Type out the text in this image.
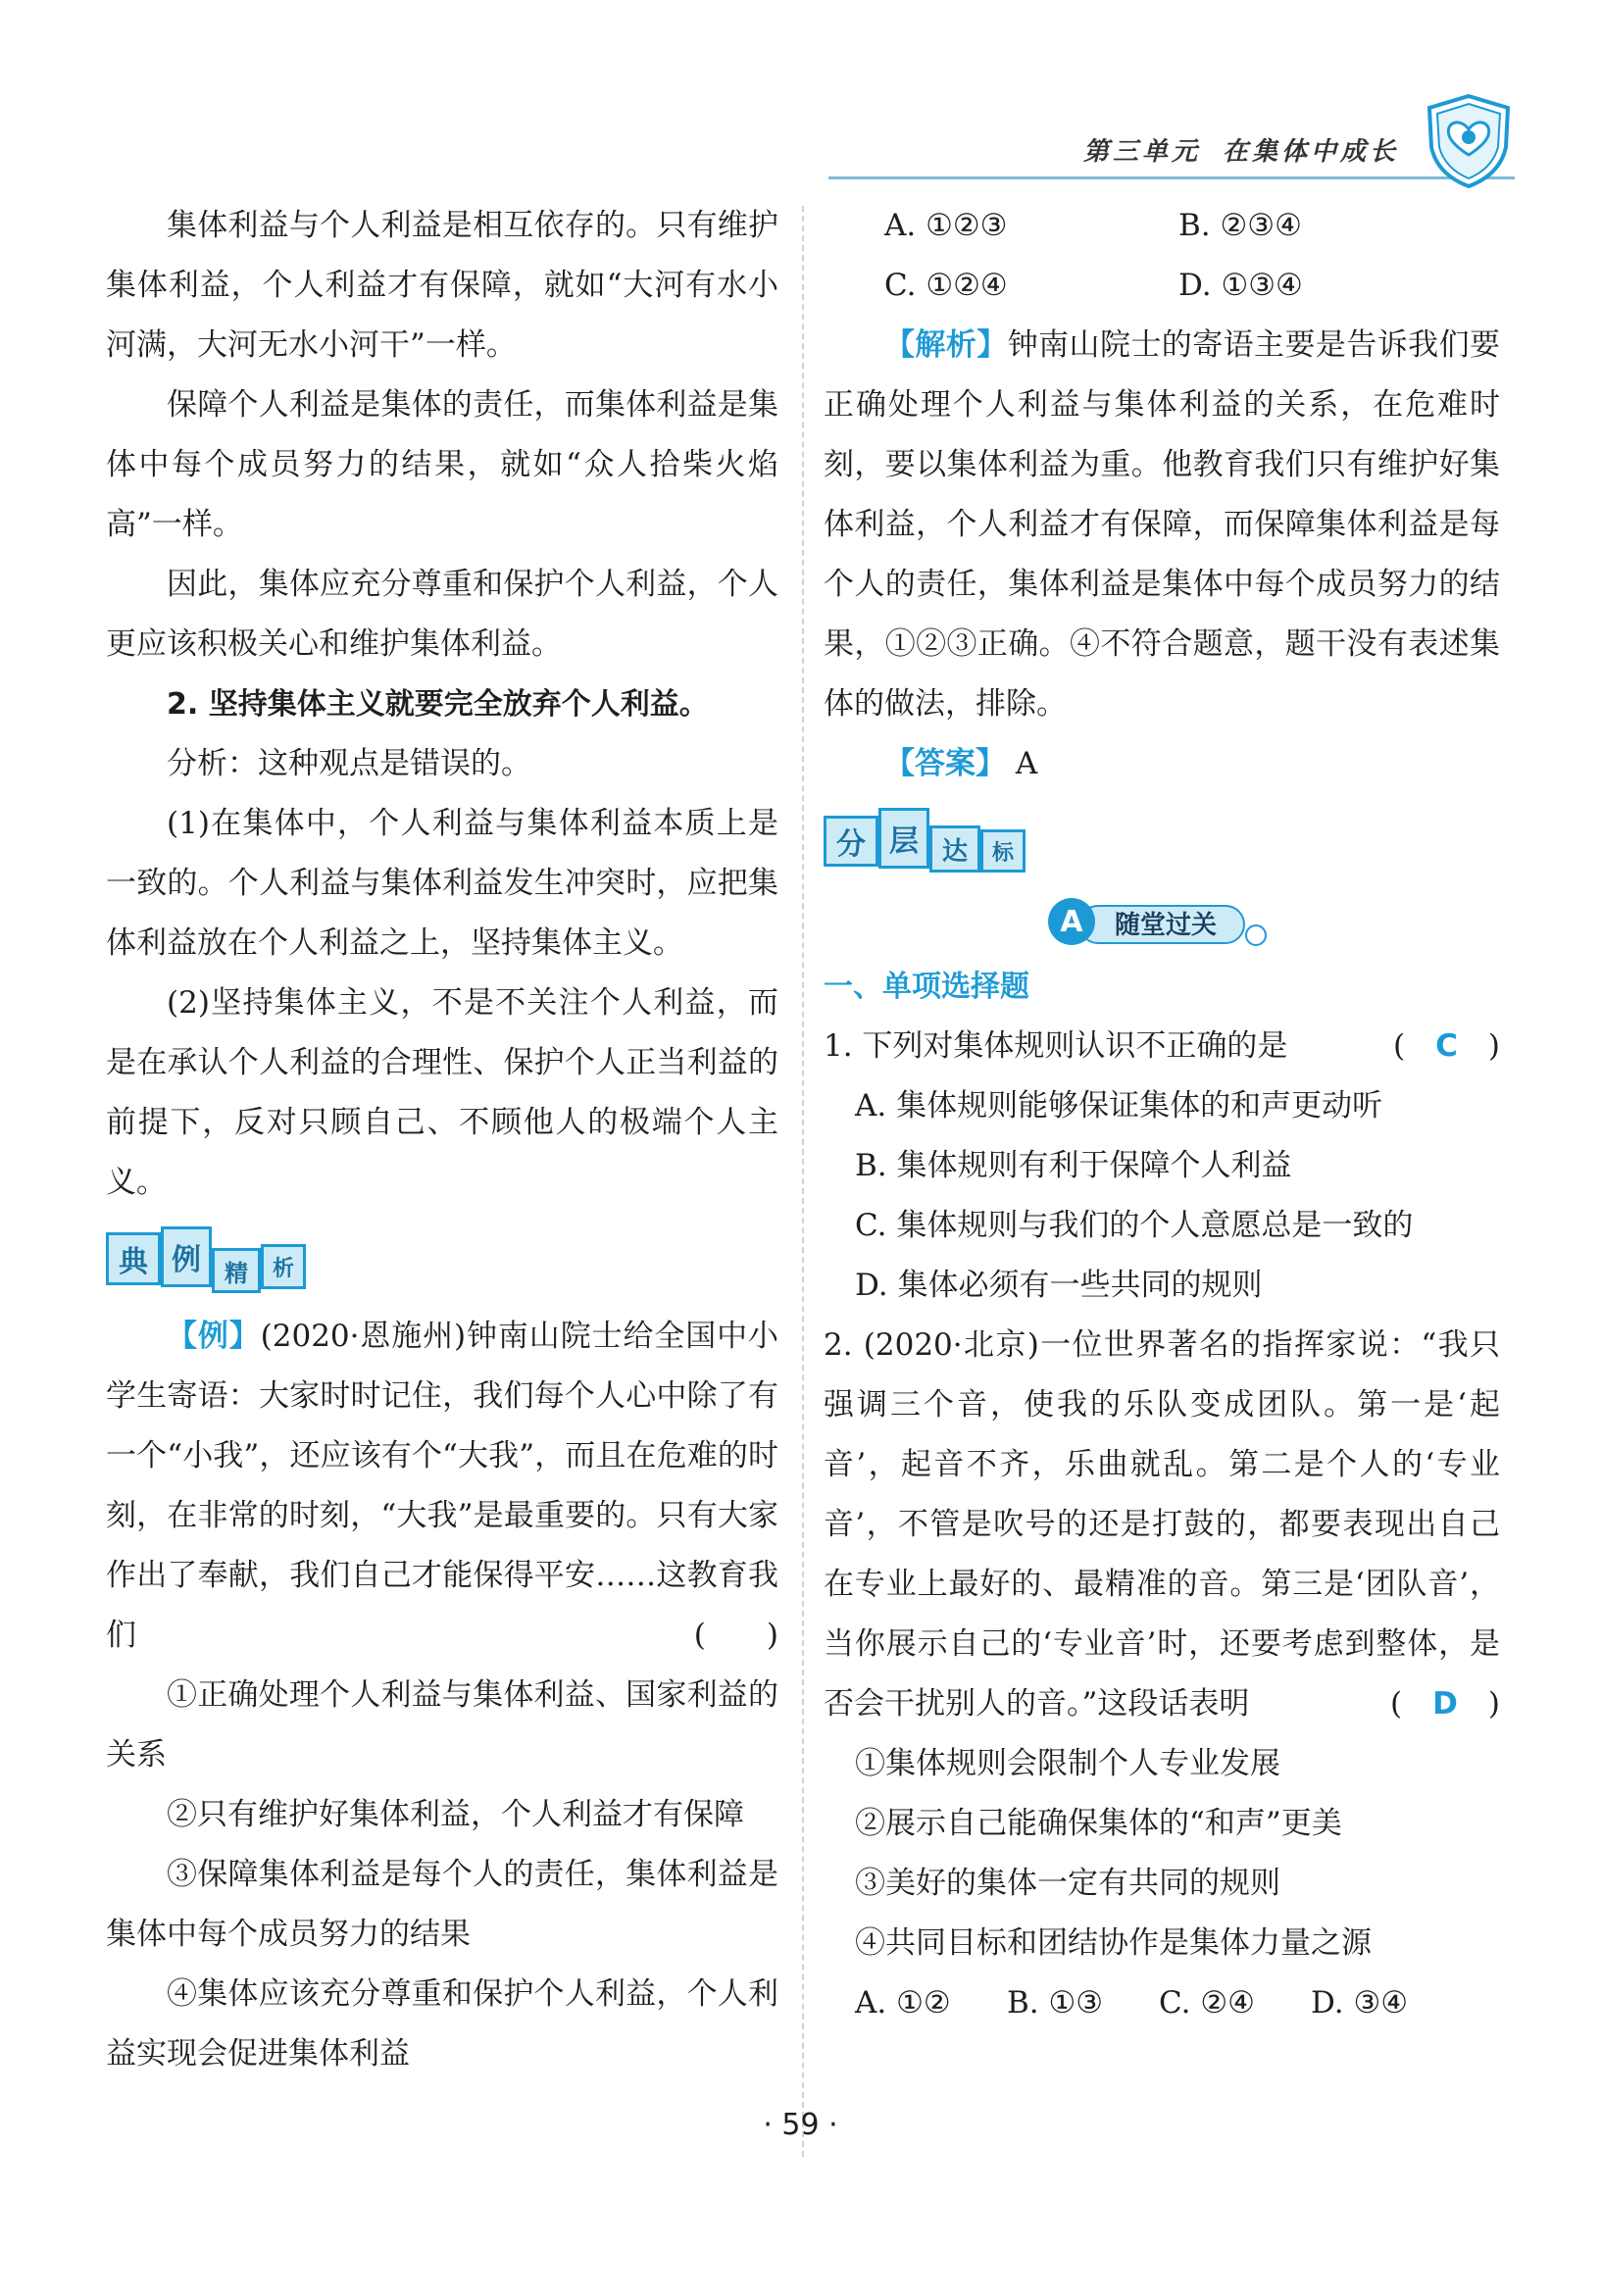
第三单元 在集体中成长

集体利益与个人利益是相互依存的。只有维护集体利益，个人利益才有保障，就如“大河有水小河满，大河无水小河干”一样。

保障个人利益是集体的责任，而集体利益是集体中每个成员努力的结果，就如“众人拾柴火焰高”一样。

因此，集体应充分尊重和保护个人利益，个人更应该积极关心和维护集体利益。

2. 坚持集体主义就要完全放弃个人利益。

分析：这种观点是错误的。

(1)在集体中，个人利益与集体利益本质上是一致的。个人利益与集体利益发生冲突时，应把集体利益放在个人利益之上，坚持集体主义。

(2)坚持集体主义，不是不关注个人利益，而是在承认个人利益的合理性、保护个人正当利益的前提下，反对只顾自己、不顾他人的极端个人主义。

典 例	精	析

【例】(2020·恩施州)钟南山院士给全国中小学生寄语：大家时时记住，我们每个人心中除了有一个“小我”，还应该有个“大我”，而且在危难的时刻，在非常的时刻，“大我”是最重要的。只有大家作出了奉献，我们自己才能保得平安……这教育我们	(　　)

①正确处理个人利益与集体利益、国家利益的关系

②只有维护好集体利益，个人利益才有保障

③保障集体利益是每个人的责任，集体利益是集体中每个成员努力的结果

④集体应该充分尊重和保护个人利益，个人利益实现会促进集体利益

A. ①②③	B. ②③④
C. ①②④	D. ①③④

【解析】钟南山院士的寄语主要是告诉我们要正确处理个人利益与集体利益的关系，在危难时刻，要以集体利益为重。他教育我们只有维护好集体利益，个人利益才有保障，而保障集体利益是每个人的责任，集体利益是集体中每个成员努力的结果，①②③正确。④不符合题意，题干没有表述集体的做法，排除。

【答案】 A

分 层 达	标
A 随堂过关
一、单项选择题

1. 下列对集体规则认识不正确的是	(　C　)

A. 集体规则能够保证集体的和声更动听

B. 集体规则有利于保障个人利益

C. 集体规则与我们的个人意愿总是一致的

D. 集体必须有一些共同的规则

2. (2020·北京)一位世界著名的指挥家说：“我只强调三个音，使我的乐队变成团队。第一是‘起音’，起音不齐，乐曲就乱。第二是个人的‘专业音’，不管是吹号的还是打鼓的，都要表现出自己在专业上最好的、最精准的音。第三是‘团队音’，当你展示自己的‘专业音’时，还要考虑到整体，是否会干扰别人的音。”这段话表明	(　D　)

①集体规则会限制个人专业发展

②展示自己能确保集体的“和声”更美

③美好的集体一定有共同的规则

④共同目标和团结协作是集体力量之源

A. ①②	B. ①③	C. ②④	D. ③④
· 59 ·
